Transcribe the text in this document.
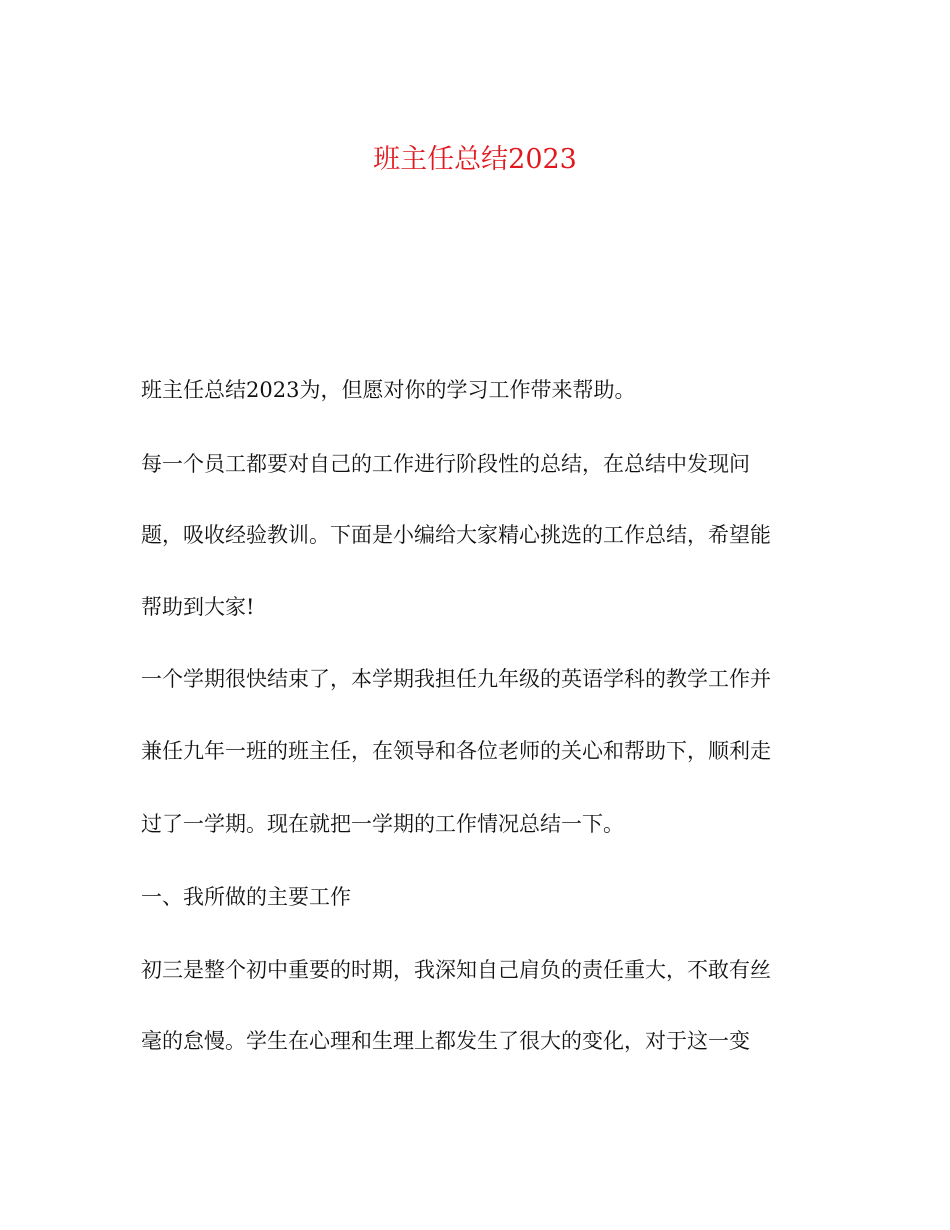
班主任总结2023

班主任总结2023为，但愿对你的学习工作带来帮助。

每一个员工都要对自己的工作进行阶段性的总结，在总结中发现问

题，吸收经验教训。下面是小编给大家精心挑选的工作总结，希望能

帮助到大家!

一个学期很快结束了，本学期我担任九年级的英语学科的教学工作并

兼任九年一班的班主任，在领导和各位老师的关心和帮助下，顺利走

过了一学期。现在就把一学期的工作情况总结一下。

一、我所做的主要工作

初三是整个初中重要的时期，我深知自己肩负的责任重大，不敢有丝

毫的怠慢。学生在心理和生理上都发生了很大的变化，对于这一变
